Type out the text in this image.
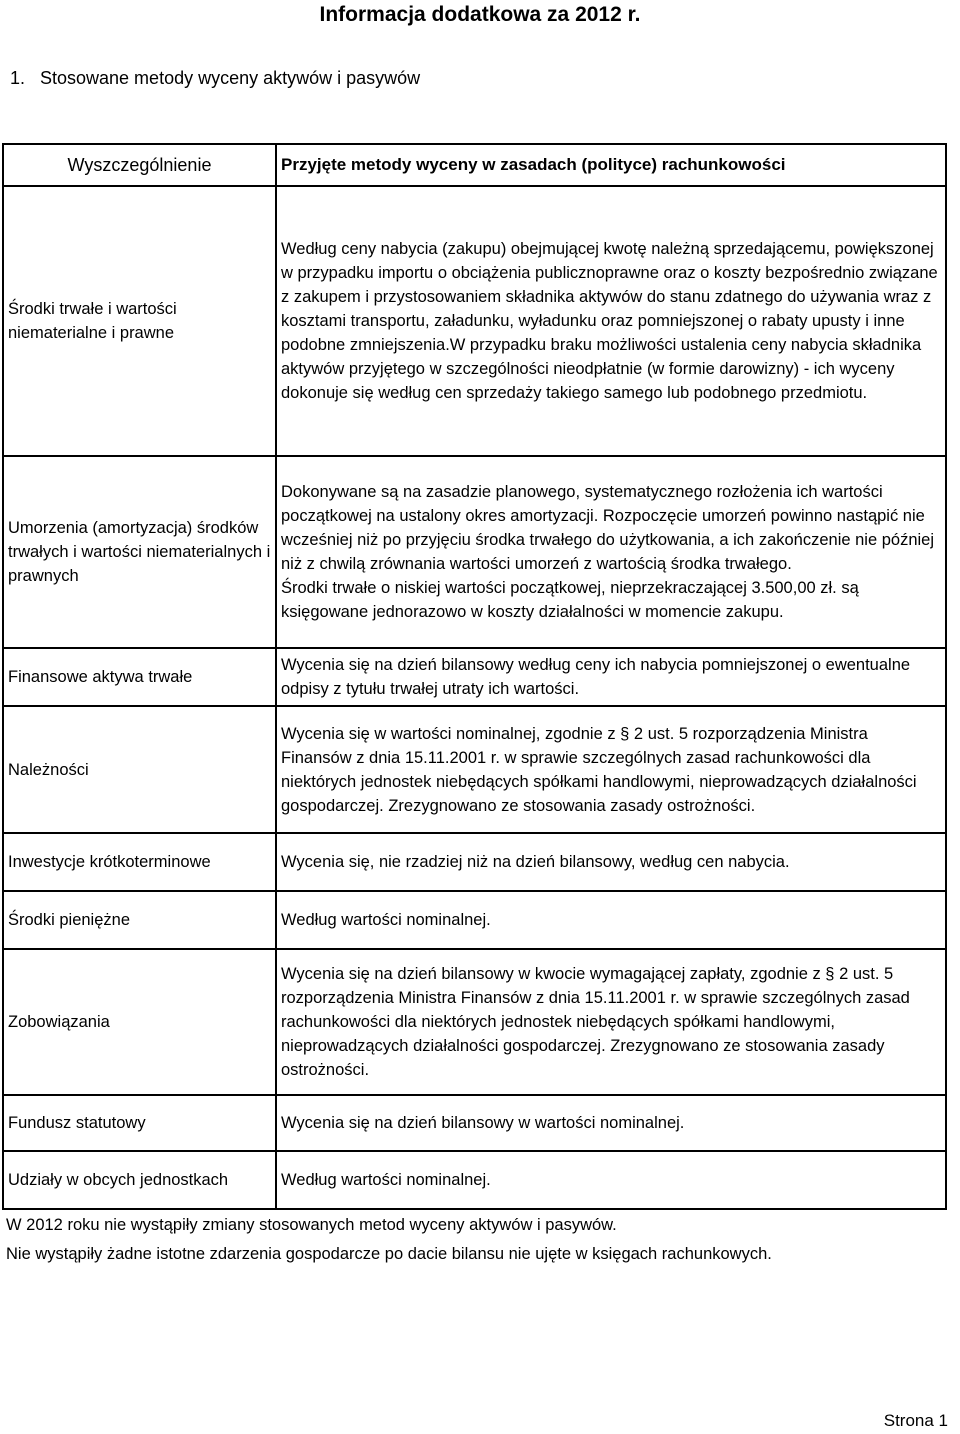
Informacja dodatkowa za 2012 r.
1. Stosowane metody wyceny aktywów i pasywów
Wyszczególnienie	Przyjęte metody wyceny w zasadach (polityce) rachunkowości
Środki trwałe i wartości niematerialne i prawne	Według ceny nabycia (zakupu) obejmującej kwotę należną sprzedającemu, powiększonej w przypadku importu o obciążenia publicznoprawne oraz o koszty bezpośrednio związane z zakupem i przystosowaniem składnika aktywów do stanu zdatnego do używania wraz z kosztami transportu, załadunku, wyładunku oraz pomniejszonej o rabaty upusty i inne podobne zmniejszenia.W przypadku braku możliwości ustalenia ceny nabycia składnika aktywów przyjętego w szczególności nieodpłatnie (w formie darowizny) - ich wyceny dokonuje się według cen sprzedaży takiego samego lub podobnego przedmiotu.
Umorzenia (amortyzacja) środków trwałych i wartości niematerialnych i prawnych	Dokonywane są na zasadzie planowego, systematycznego rozłożenia ich wartości początkowej na ustalony okres amortyzacji. Rozpoczęcie umorzeń powinno nastąpić nie wcześniej niż po przyjęciu środka trwałego do użytkowania, a ich zakończenie nie później niż z chwilą zrównania wartości umorzeń z wartością środka trwałego.
Środki trwałe o niskiej wartości początkowej, nieprzekraczającej 3.500,00 zł. są księgowane jednorazowo w koszty działalności w momencie zakupu.

Finansowe aktywa trwałe	Wycenia się na dzień bilansowy według ceny ich nabycia pomniejszonej o ewentualne odpisy z tytułu trwałej utraty ich wartości.
Należności	Wycenia się w wartości nominalnej, zgodnie z § 2 ust. 5 rozporządzenia Ministra Finansów z dnia 15.11.2001 r. w sprawie szczególnych zasad rachunkowości dla niektórych jednostek niebędących spółkami handlowymi, nieprowadzących działalności gospodarczej. Zrezygnowano ze stosowania zasady ostrożności.
Inwestycje krótkoterminowe	Wycenia się, nie rzadziej niż na dzień bilansowy, według cen nabycia.
Środki pieniężne	Według wartości nominalnej.
Zobowiązania	Wycenia się na dzień bilansowy w kwocie wymagającej zapłaty, zgodnie z § 2 ust. 5 rozporządzenia Ministra Finansów z dnia 15.11.2001 r. w sprawie szczególnych zasad rachunkowości dla niektórych jednostek niebędących spółkami handlowymi, nieprowadzących działalności gospodarczej. Zrezygnowano ze stosowania zasady ostrożności.
Fundusz statutowy	Wycenia się na dzień bilansowy w wartości nominalnej.
Udziały w obcych jednostkach	Według wartości nominalnej.
W 2012 roku nie wystąpiły zmiany stosowanych metod wyceny aktywów i pasywów.
Nie wystąpiły żadne istotne zdarzenia gospodarcze po dacie bilansu nie ujęte w księgach rachunkowych.
Strona 1
